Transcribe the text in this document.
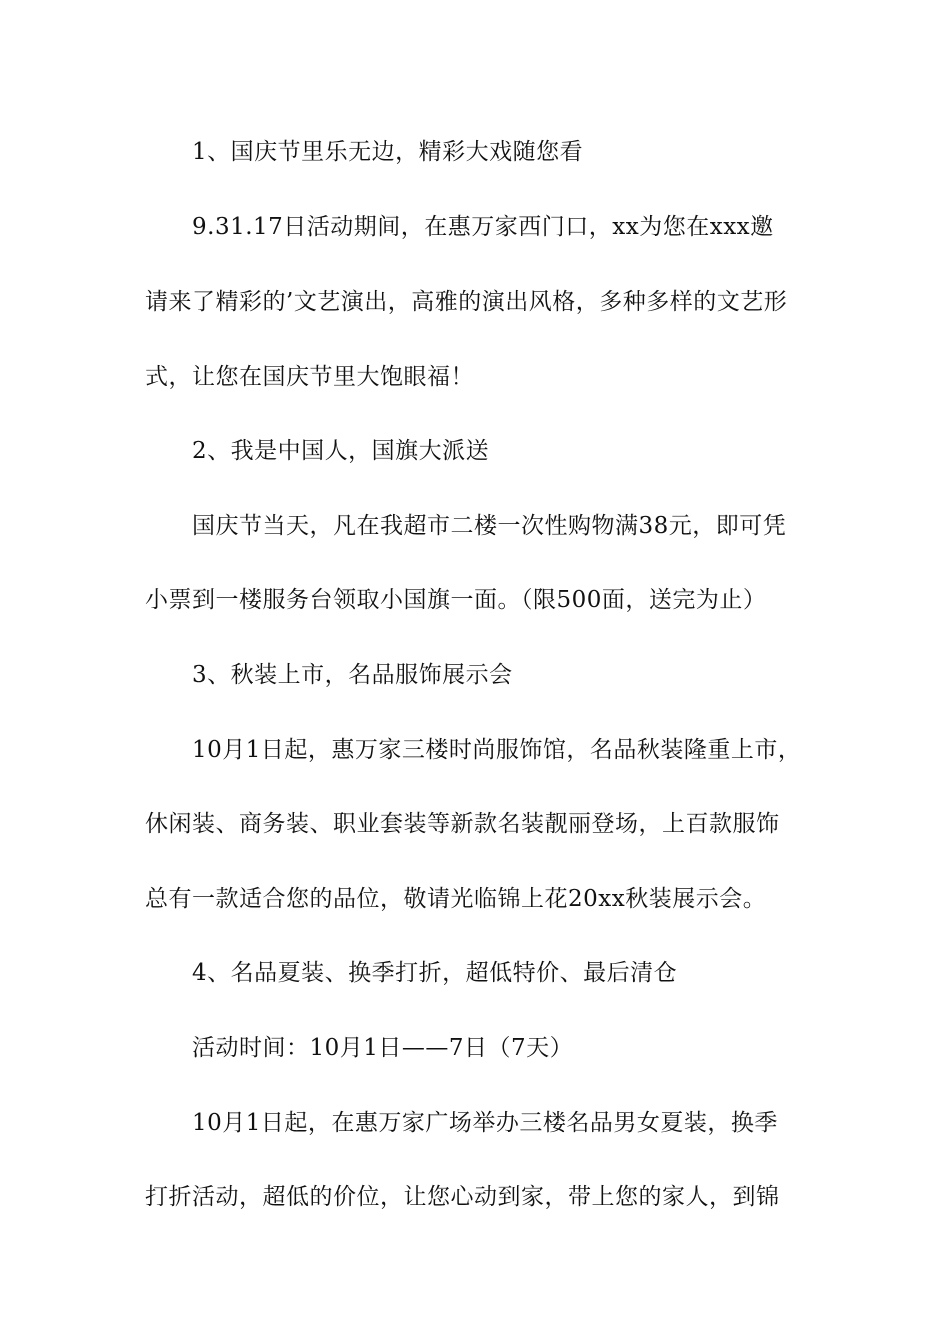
1、国庆节里乐无边，精彩大戏随您看
9.31.17日活动期间，在惠万家西门口，xx为您在xxx邀
请来了精彩的’文艺演出，高雅的演出风格，多种多样的文艺形
式，让您在国庆节里大饱眼福！
2、我是中国人，国旗大派送
国庆节当天，凡在我超市二楼一次性购物满38元，即可凭
小票到一楼服务台领取小国旗一面。（限500面，送完为止）
3、秋装上市，名品服饰展示会
10月1日起，惠万家三楼时尚服饰馆，名品秋装隆重上市，
休闲装、商务装、职业套装等新款名装靓丽登场，上百款服饰
总有一款适合您的品位，敬请光临锦上花20xx秋装展示会。
4、名品夏装、换季打折，超低特价、最后清仓
活动时间：10月1日——7日（7天）
10月1日起，在惠万家广场举办三楼名品男女夏装，换季
打折活动，超低的价位，让您心动到家，带上您的家人，到锦
